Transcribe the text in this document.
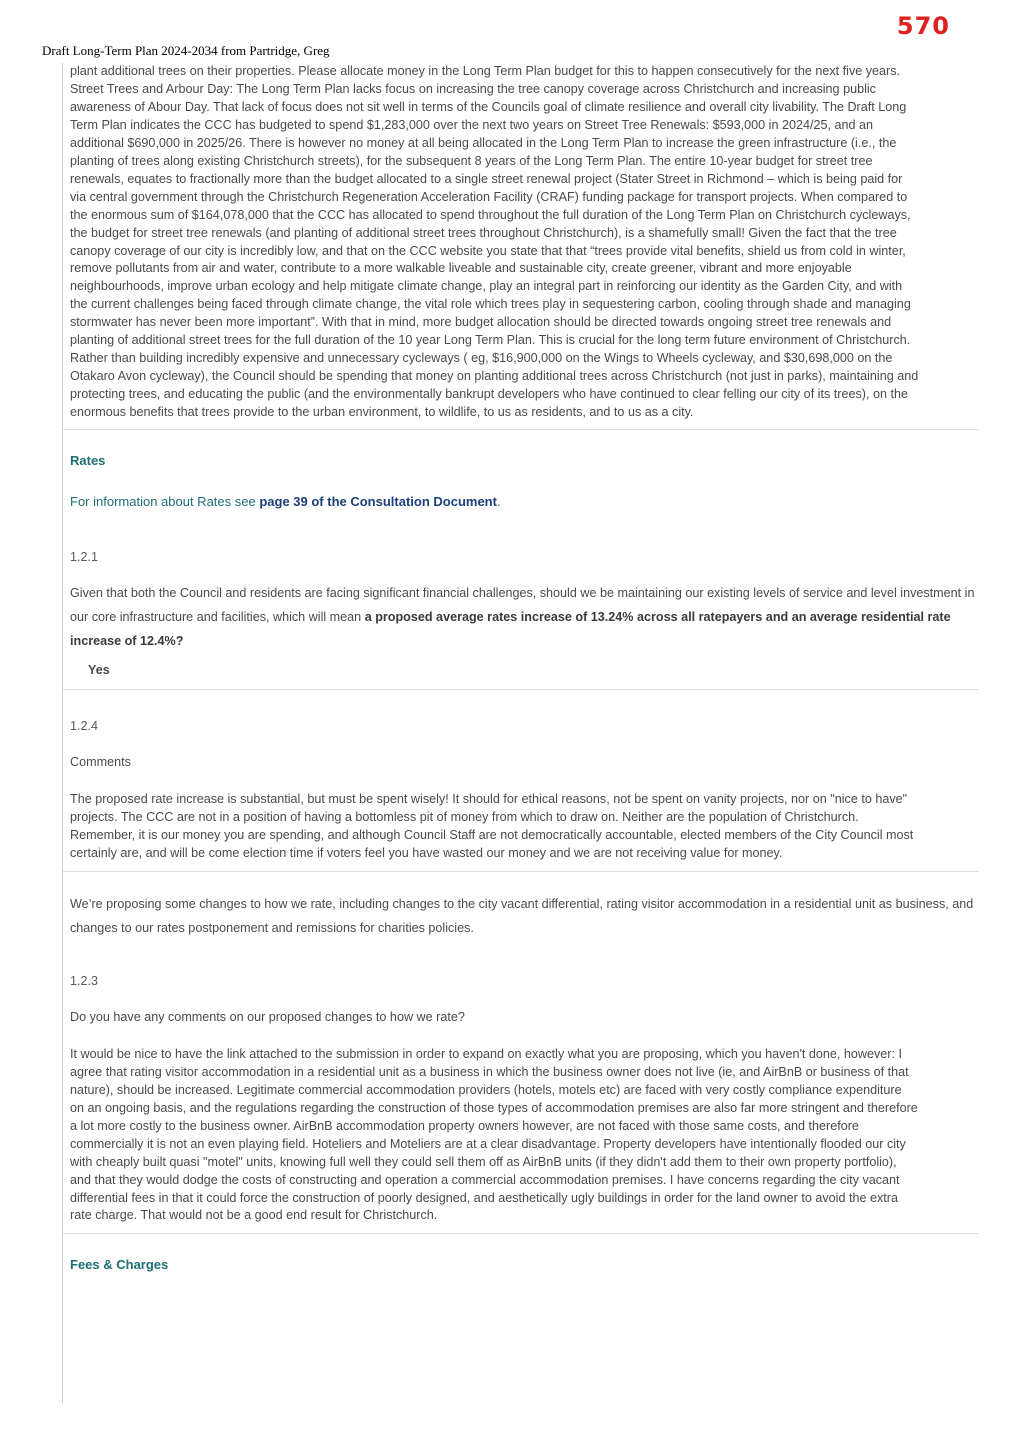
570
Draft Long-Term Plan 2024-2034 from Partridge, Greg

plant additional trees on their properties. Please allocate money in the Long Term Plan budget for this to happen consecutively for the next five years. Street Trees and Arbour Day: The Long Term Plan lacks focus on increasing the tree canopy coverage across Christchurch and increasing public awareness of Abour Day. That lack of focus does not sit well in terms of the Councils goal of climate resilience and overall city livability. The Draft Long Term Plan indicates the CCC has budgeted to spend $1,283,000 over the next two years on Street Tree Renewals: $593,000 in 2024/25, and an additional $690,000 in 2025/26. There is however no money at all being allocated in the Long Term Plan to increase the green infrastructure (i.e., the planting of trees along existing Christchurch streets), for the subsequent 8 years of the Long Term Plan. The entire 10-year budget for street tree renewals, equates to fractionally more than the budget allocated to a single street renewal project (Stater Street in Richmond – which is being paid for via central government through the Christchurch Regeneration Acceleration Facility (CRAF) funding package for transport projects. When compared to the enormous sum of $164,078,000 that the CCC has allocated to spend throughout the full duration of the Long Term Plan on Christchurch cycleways, the budget for street tree renewals (and planting of additional street trees throughout Christchurch), is a shamefully small! Given the fact that the tree canopy coverage of our city is incredibly low, and that on the CCC website you state that that “trees provide vital benefits, shield us from cold in winter, remove pollutants from air and water, contribute to a more walkable liveable and sustainable city, create greener, vibrant and more enjoyable neighbourhoods, improve urban ecology and help mitigate climate change, play an integral part in reinforcing our identity as the Garden City, and with the current challenges being faced through climate change, the vital role which trees play in sequestering carbon, cooling through shade and managing stormwater has never been more important”. With that in mind, more budget allocation should be directed towards ongoing street tree renewals and planting of additional street trees for the full duration of the 10 year Long Term Plan. This is crucial for the long term future environment of Christchurch. Rather than building incredibly expensive and unnecessary cycleways ( eg, $16,900,000 on the Wings to Wheels cycleway, and $30,698,000 on the Otakaro Avon cycleway), the Council should be spending that money on planting additional trees across Christchurch (not just in parks), maintaining and protecting trees, and educating the public (and the environmentally bankrupt developers who have continued to clear felling our city of its trees), on the enormous benefits that trees provide to the urban environment, to wildlife, to us as residents, and to us as a city.

Rates

For information about Rates see page 39 of the Consultation Document.

1.2.1

Given that both the Council and residents are facing significant financial challenges, should we be maintaining our existing levels of service and level investment in our core infrastructure and facilities, which will mean a proposed average rates increase of 13.24% across all ratepayers and an average residential rate increase of 12.4%?

Yes

1.2.4

Comments

The proposed rate increase is substantial, but must be spent wisely! It should for ethical reasons, not be spent on vanity projects, nor on "nice to have" projects. The CCC are not in a position of having a bottomless pit of money from which to draw on. Neither are the population of Christchurch. Remember, it is our money you are spending, and although Council Staff are not democratically accountable, elected members of the City Council most certainly are, and will be come election time if voters feel you have wasted our money and we are not receiving value for money.

We’re proposing some changes to how we rate, including changes to the city vacant differential, rating visitor accommodation in a residential unit as business, and changes to our rates postponement and remissions for charities policies.

1.2.3

Do you have any comments on our proposed changes to how we rate?

It would be nice to have the link attached to the submission in order to expand on exactly what you are proposing, which you haven't done, however: I agree that rating visitor accommodation in a residential unit as a business in which the business owner does not live (ie, and AirBnB or business of that nature), should be increased. Legitimate commercial accommodation providers (hotels, motels etc) are faced with very costly compliance expenditure on an ongoing basis, and the regulations regarding the construction of those types of accommodation premises are also far more stringent and therefore a lot more costly to the business owner. AirBnB accommodation property owners however, are not faced with those same costs, and therefore commercially it is not an even playing field. Hoteliers and Moteliers are at a clear disadvantage. Property developers have intentionally flooded our city with cheaply built quasi "motel" units, knowing full well they could sell them off as AirBnB units (if they didn't add them to their own property portfolio), and that they would dodge the costs of constructing and operation a commercial accommodation premises. I have concerns regarding the city vacant differential fees in that it could force the construction of poorly designed, and aesthetically ugly buildings in order for the land owner to avoid the extra rate charge. That would not be a good end result for Christchurch.

Fees & Charges
